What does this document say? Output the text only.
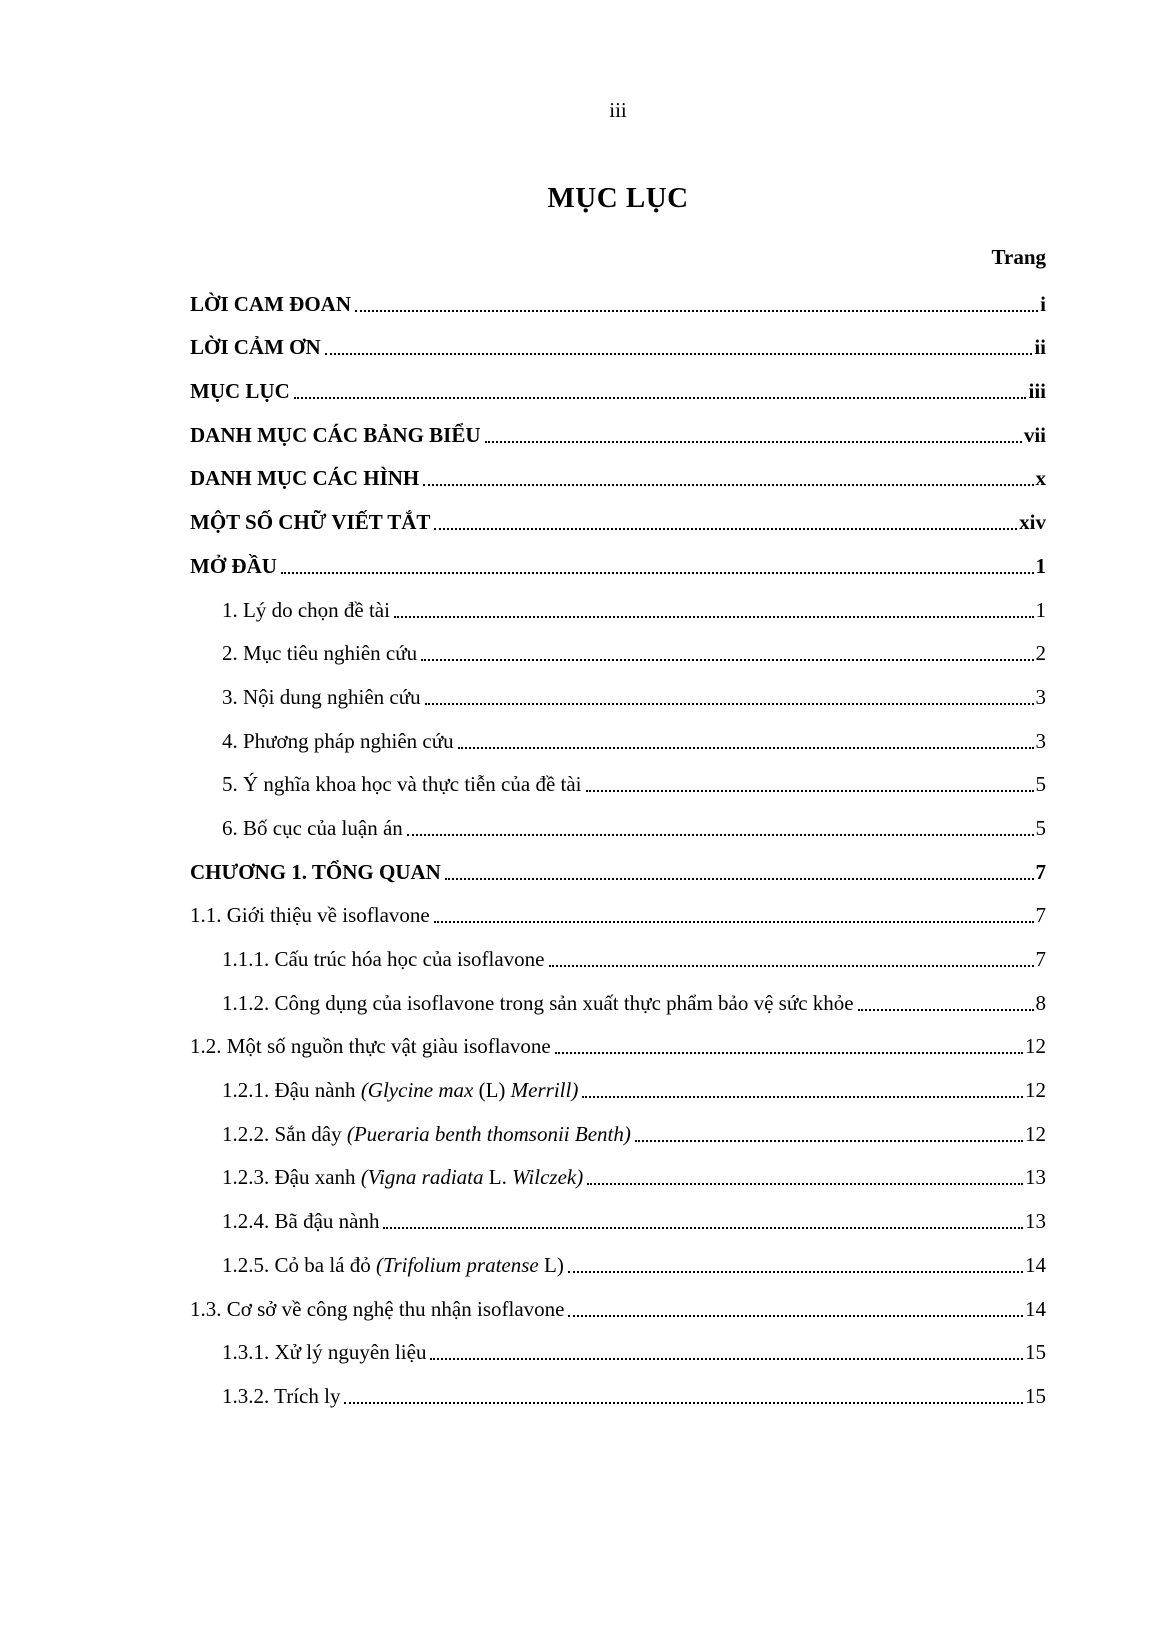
iii
MỤC LỤC
Trang
LỜI CAM ĐOAN	i
LỜI CẢM ƠN	ii
MỤC LỤC	iii
DANH MỤC CÁC BẢNG BIỂU	vii
DANH MỤC CÁC HÌNH	x
MỘT SỐ CHỮ VIẾT TẮT	xiv
MỞ ĐẦU	1
1. Lý do chọn đề tài	1
2. Mục tiêu nghiên cứu	2
3. Nội dung nghiên cứu	3
4. Phương pháp nghiên cứu	3
5. Ý nghĩa khoa học và thực tiễn của đề tài	5
6. Bố cục của luận án	5
CHƯƠNG 1. TỔNG QUAN	7
1.1. Giới thiệu về isoflavone	7
1.1.1. Cấu trúc hóa học của isoflavone	7
1.1.2. Công dụng của isoflavone trong sản xuất thực phẩm bảo vệ sức khỏe	8
1.2. Một số nguồn thực vật giàu isoflavone	12
1.2.1. Đậu nành (Glycine max (L) Merrill)	12
1.2.2. Sắn dây (Pueraria benth thomsonii Benth)	12
1.2.3. Đậu xanh (Vigna radiata L. Wilczek)	13
1.2.4. Bã đậu nành	13
1.2.5. Cỏ ba lá đỏ (Trifolium pratense L)	14
1.3. Cơ sở về công nghệ thu nhận isoflavone	14
1.3.1. Xử lý nguyên liệu	15
1.3.2. Trích ly	15
